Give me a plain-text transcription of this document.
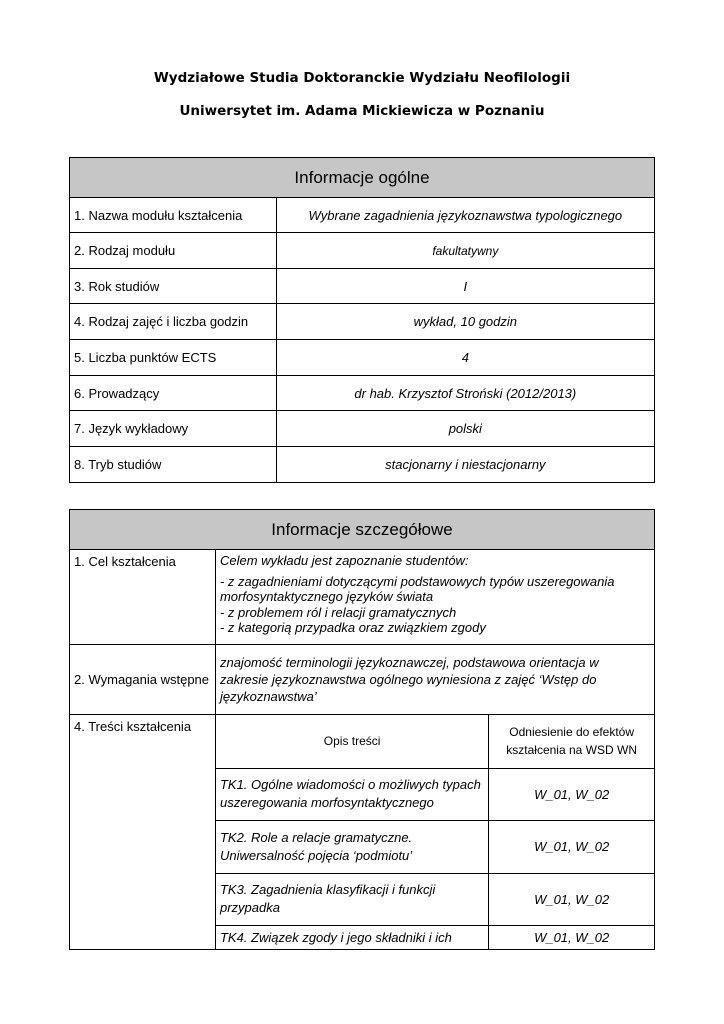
Wydziałowe Studia Doktoranckie Wydziału Neofilologii
Uniwersytet im. Adama Mickiewicza w Poznaniu
Informacje ogólne	
1. Nazwa modułu kształcenia	Wybrane zagadnienia językoznawstwa typologicznego
2. Rodzaj modułu	fakultatywny
3. Rok studiów	I
4. Rodzaj zajęć i liczba godzin	wykład, 10 godzin
5. Liczba punktów ECTS	4
6. Prowadzący	dr hab. Krzysztof Stroński (2012/2013)
7. Język wykładowy	polski
8. Tryb studiów	stacjonarny i niestacjonarny
Informacje szczegółowe
1. Cel kształcenia	Celem wykładu jest zapoznanie studentów:
- z zagadnieniami dotyczącymi podstawowych typów uszeregowania morfosyntaktycznego języków świata
- z problemem ról i relacji gramatycznych
- z kategorią przypadka oraz związkiem zgody

2. Wymagania wstępne	znajomość terminologii językoznawczej, podstawowa orientacja w zakresie językoznawstwa ogólnego wyniesiona z zajęć ‘Wstęp do językoznawstwa’
4. Treści kształcenia	
Opis treści	Odniesienie do efektów kształcenia na WSD WN
TK1. Ogólne wiadomości o możliwych typach uszeregowania morfosyntaktycznego	W_01, W_02
TK2. Role a relacje gramatyczne. Uniwersalność pojęcia ‘podmiotu’	W_01, W_02
TK3. Zagadnienia klasyfikacji i funkcji przypadka	W_01, W_02
TK4. Związek zgody i jego składniki i ich	W_01, W_02
